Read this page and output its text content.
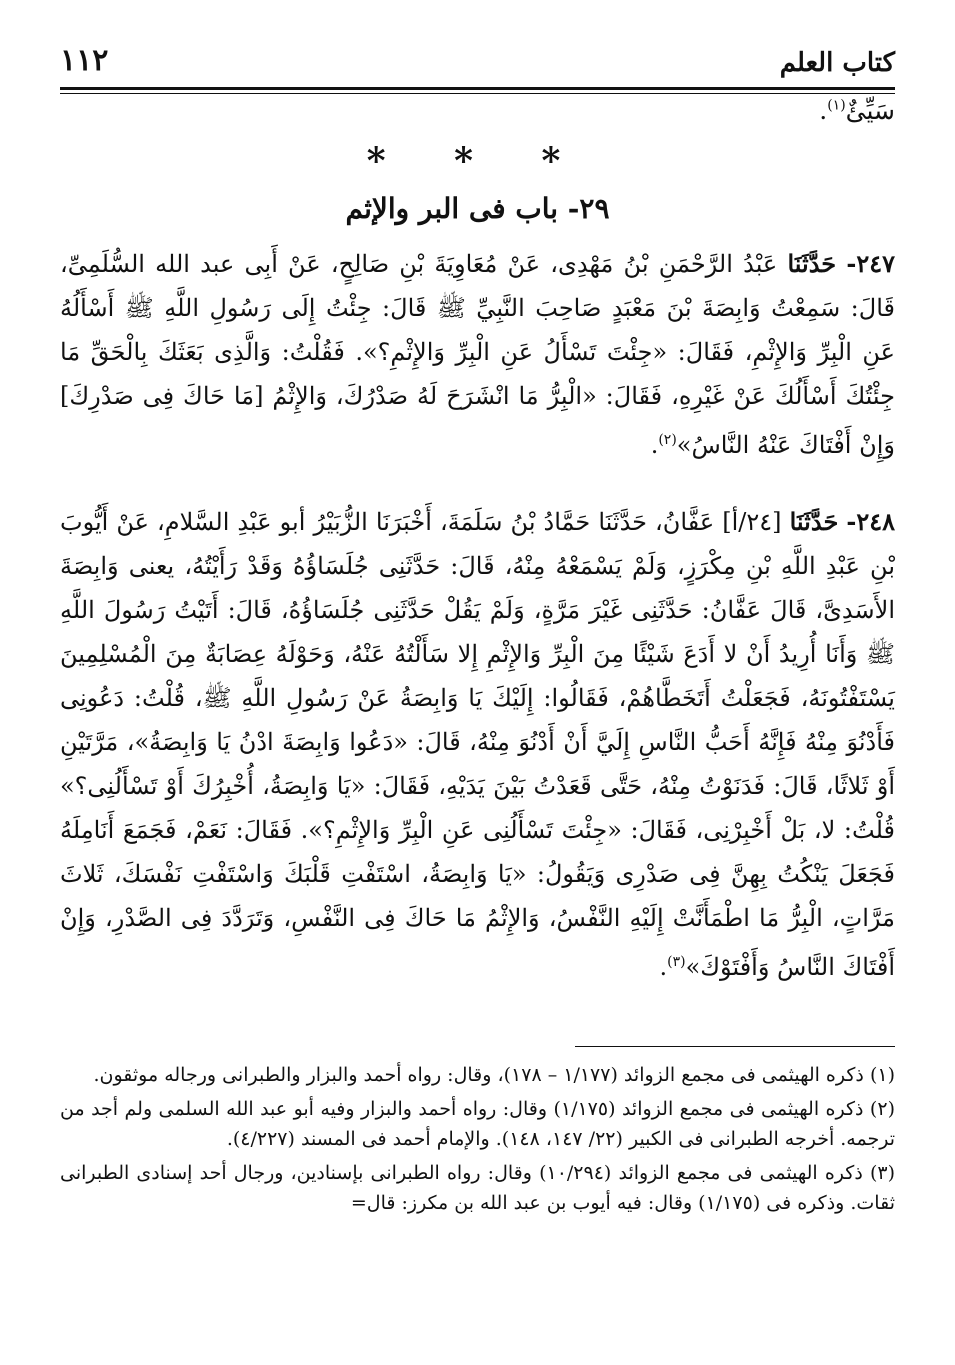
كتاب العلم
١١٢
سَيِّئٌ$^{(١)}$.
* * *
٢٩- باب فى البر والإثم
٢٤٧- حَدَّثَنَا عَبْدُ الرَّحْمَنِ بْنُ مَهْدِى، عَنْ مُعَاوِيَةَ بْنِ صَالِحٍ، عَنْ أَبِى عبد الله السُّلَمِىِّ، قَالَ: سَمِعْتُ وَابِصَةَ بْنَ مَعْبَدٍ صَاحِبَ النَّبِيِّ ﷺ قَالَ: جِئْتُ إِلَى رَسُولِ اللَّهِ ﷺ أَسْأَلُهُ عَنِ الْبِرِّ وَالإِثْمِ، فَقَالَ: «جِئْتَ تَسْأَلُ عَنِ الْبِرِّ وَالإِثْمِ؟». فَقُلْتُ: وَالَّذِى بَعَثَكَ بِالْحَقِّ مَا جِئْتُكَ أَسْأَلُكَ عَنْ غَيْرِهِ، فَقَالَ: «الْبِرُّ مَا انْشَرَحَ لَهُ صَدْرُكَ، وَالإِثْمُ [مَا حَاكَ فِى صَدْرِكَ] وَإِنْ أَفْتَاكَ عَنْهُ النَّاسُ»$^{(٢)}$.
٢٤٨- حَدَّثَنَا [٢٤/أ] عَفَّانُ، حَدَّثَنَا حَمَّادُ بْنُ سَلَمَةَ، أَخْبَرَنَا الزُّبَيْرُ أبو عَبْدِ السَّلامِ، عَنْ أَيُّوبَ بْنِ عَبْدِ اللَّهِ بْنِ مِكْرَزٍ، وَلَمْ يَسْمَعْهُ مِنْهُ، قَالَ: حَدَّثَنِى جُلَسَاؤُهُ وَقَدْ رَأَيْتُهُ، يعنى وَابِصَةَ الأَسَدِىَّ، قَالَ عَفَّانُ: حَدَّثَنِى غَيْرَ مَرَّةٍ، وَلَمْ يَقُلْ حَدَّثَنِى جُلَسَاؤُهُ، قَالَ: أَتَيْتُ رَسُولَ اللَّهِ ﷺ وَأَنَا أُرِيدُ أَنْ لا أَدَعَ شَيْئًا مِنَ الْبِرِّ وَالإِثْمِ إِلا سَأَلْتُهُ عَنْهُ، وَحَوْلَهُ عِصَابَةٌ مِنَ الْمُسْلِمِينَ يَسْتَفْتُونَهُ، فَجَعَلْتُ أَتَخَطَّاهُمْ، فَقَالُوا: إِلَيْكَ يَا وَابِصَةُ عَنْ رَسُولِ اللَّهِ ﷺ، قُلْتُ: دَعُونِى فَأَدْنُوَ مِنْهُ فَإِنَّهُ أَحَبُّ النَّاسِ إِلَيَّ أَنْ أَدْنُوَ مِنْهُ، قَالَ: «دَعُوا وَابِصَةَ ادْنُ يَا وَابِصَةُ»، مَرَّتَيْنِ أَوْ ثَلاثًا، قَالَ: فَدَنَوْتُ مِنْهُ، حَتَّى قَعَدْتُ بَيْنَ يَدَيْهِ، فَقَالَ: «يَا وَابِصَةُ، أُخْبِرُكَ أَوْ تَسْأَلُنِى؟» قُلْتُ: لا، بَلْ أَخْبِرْنِى، فَقَالَ: «جِئْتَ تَسْأَلُنِى عَنِ الْبِرِّ وَالإِثْمِ؟». فَقَالَ: نَعَمْ، فَجَمَعَ أَنَامِلَهُ فَجَعَلَ يَنْكُتُ بِهِنَّ فِى صَدْرِى وَيَقُولُ: «يَا وَابِصَةُ، اسْتَفْتِ قَلْبَكَ وَاسْتَفْتِ نَفْسَكَ، ثَلاثَ مَرَّاتٍ، الْبِرُّ مَا اطْمَأَنَّتْ إِلَيْهِ النَّفْسُ، وَالإِثْمُ مَا حَاكَ فِى النَّفْسِ، وَتَرَدَّدَ فِى الصَّدْرِ، وَإِنْ أَفْتَاكَ النَّاسُ وَأَفْتَوْكَ»$^{(٣)}$.

(١) ذكره الهيثمى فى مجمع الزوائد (١/١٧٧ – ١٧٨)، وقال: رواه أحمد والبزار والطبرانى ورجاله موثقون.

(٢) ذكره الهيثمى فى مجمع الزوائد (١/١٧٥) وقال: رواه أحمد والبزار وفيه أبو عبد الله السلمى ولم أجد من ترجمه. أخرجه الطبرانى فى الكبير (٢٢/ ١٤٧، ١٤٨). والإمام أحمد فى المسند (٤/٢٢٧).

(٣) ذكره الهيثمى فى مجمع الزوائد (١٠/٢٩٤) وقال: رواه الطبرانى بإسنادين، ورجال أحد إسنادى الطبرانى ثقات. وذكره فى (١/١٧٥) وقال: فيه أيوب بن عبد الله بن مكرز: قال=
